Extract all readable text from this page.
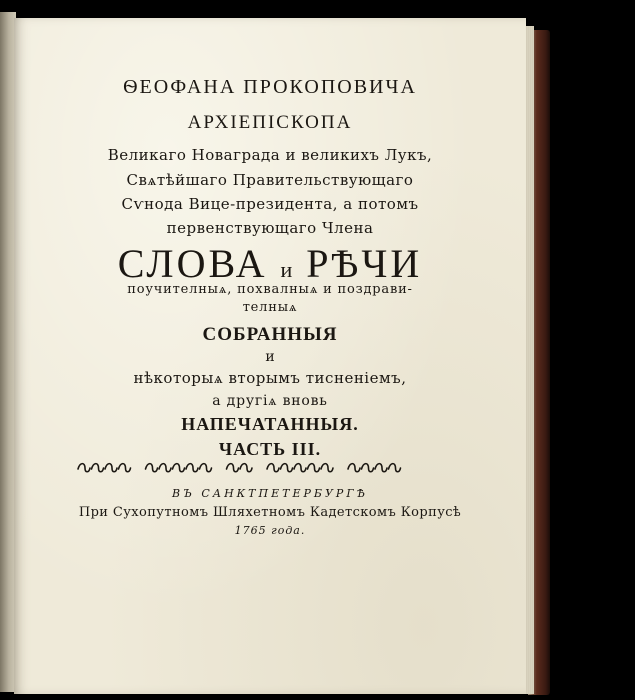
ѲЕОФАНА ПРОКОПОВИЧА
АРХІЕПІСКОПА
Великаго Новаграда и великихъ Лукъ,
Свѧтѣйшаго Правительствующаго
Сѵнода Вице-президента, а потомъ
первенствующаго Члена
СЛОВА и РѢЧИ
поучителныѧ, похвалныѧ и поздрави-
телныѧ
СОБРАННЫЯ
и
нѣкоторыѧ вторымъ тисненіемъ,
а другіѧ вновь
НАПЕЧАТАННЫЯ.
ЧАСТЬ III.
ВЪ САНКТПЕТЕРБУРГѢ
При Сухопутномъ Шляхетномъ Кадетскомъ Корпусѣ
1765 года.
